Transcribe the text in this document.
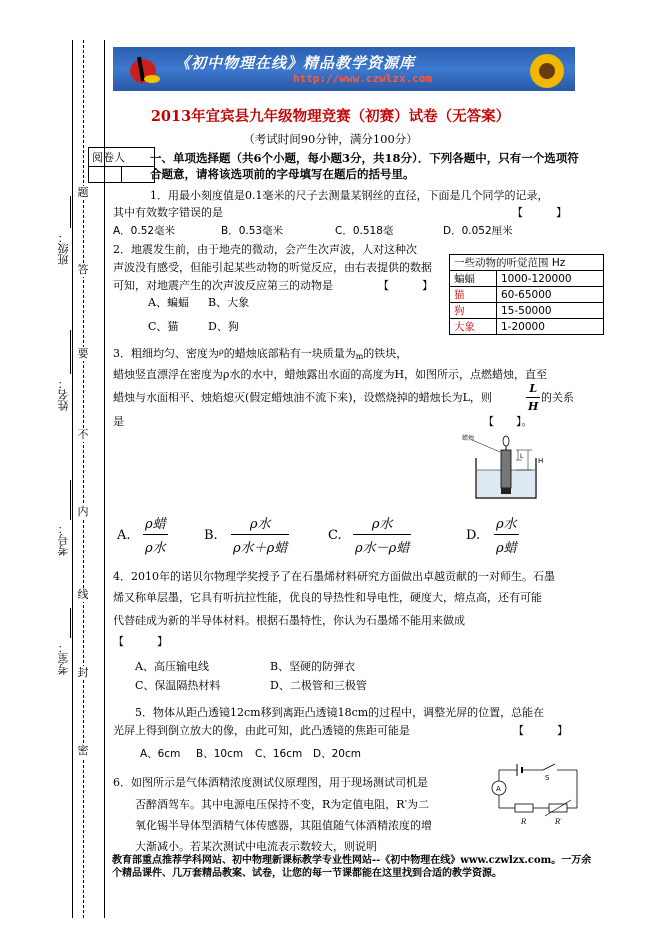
题
答
要
不
内
线
封
密
班级：
姓名：
考号：
考室：
《初中物理在线》精品教学资源库
http://www.czwlzx.com
2013年宜宾县九年级物理竞赛（初赛）试卷（无答案）
（考试时间90分钟，满分100分）
阅卷人
	一、单项选择题（共6个小题，每小题3分，共18分）．下列各题中，只有一个选项符合题意，请将该选项前的字母填写在题后的括号里。
1．用最小刻度值是0.1毫米的尺子去测量某钢丝的直径，下面是几个同学的记录，
其中有效数字错误的是	【　　　】
A．0.52毫米	B．0.53毫米	C．0.518毫	D．0.052厘米
2．地震发生前，由于地壳的微动，会产生次声波，人对这种次
声波没有感受，但能引起某些动物的听觉反应，由右表提供的数据
可知，对地震产生的次声波反应第三的动物是	【　　　】
A、蝙蝠 B、大象
C、猫	D、狗
一些动物的听觉范围 Hz	
蝙蝠	1000-120000
猫	60-65000
狗	15-50000
大象	1-20000
3．粗细均匀、密度为$^\rho$的蜡烛底部粘有一块质量为m的铁块，
蜡烛竖直漂浮在密度为ρ水的水中，蜡烛露出水面的高度为H，如图所示，点燃蜡烛，直至
蜡烛与水面相平、烛焰熄灭(假定蜡烛油不流下来)，设燃烧掉的蜡烛长为L，则
L
H
的关系
是	【　　】。
蜡烛
H
L
A.
ρ蜡
ρ水
B.
ρ水
ρ水＋ρ蜡
C.
ρ水
ρ水－ρ蜡
D.
ρ水
ρ蜡
4．2010年的诺贝尔物理学奖授予了在石墨烯材料研究方面做出卓越贡献的一对师生。石墨
烯又称单层墨，它具有听抗拉性能，优良的导热性和导电性，硬度大，熔点高，还有可能
代替硅成为新的半导体材料。根据石墨特性，你认为石墨烯不能用来做成
【　　　】
A、高压输电线	B、坚硬的防弹衣
C、保温隔热材料	D、二极管和三极管
5．物体从距凸透镜12cm移到离距凸透镜18cm的过程中，调整光屏的位置，总能在
光屏上得到倒立放大的像，由此可知，此凸透镜的焦距可能是	【　　　】
A、6cm B、10cm C、16cm D、20cm
6．如图所示是气体酒精浓度测试仪原理图，用于现场测试司机是
否醉酒驾车。其中电源电压保持不变，R为定值电阻，R′为二
氧化锡半导体型酒精气体传感器，其阻值随气体酒精浓度的增
大渐减小。若某次测试中电流表示数较大，则说明
S
A
R	R′
教育部重点推荐学科网站、初中物理新课标教学专业性网站--《初中物理在线》www.czwlzx.com。一万余
个精品课件、几万套精品教案、试卷，让您的每一节课都能在这里找到合适的教学资源。
